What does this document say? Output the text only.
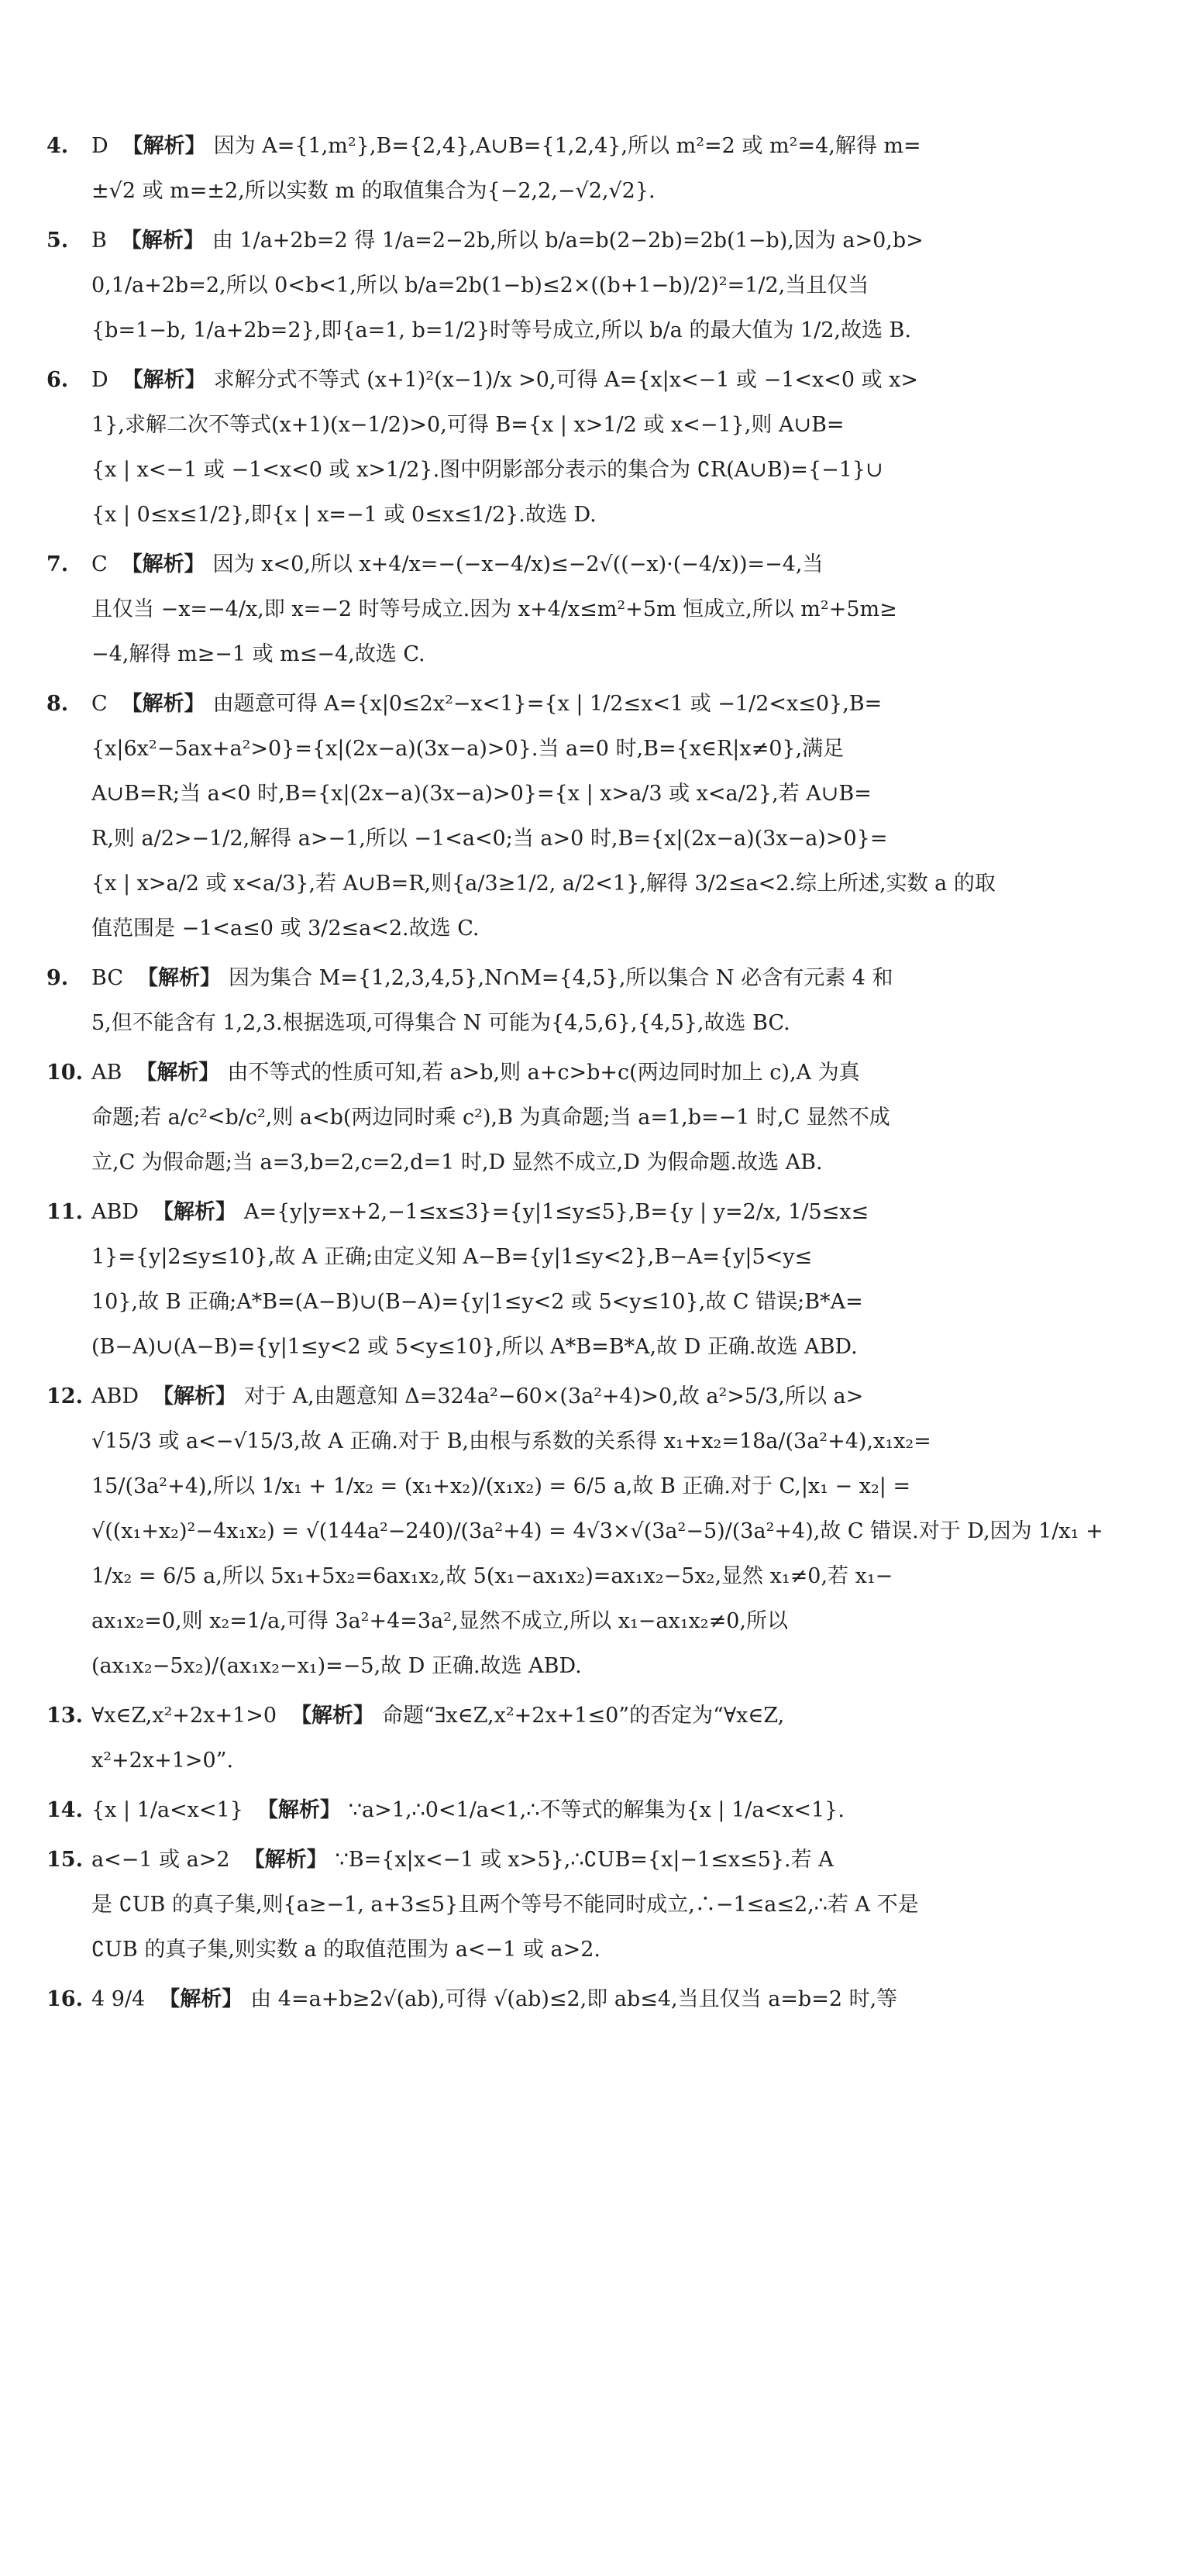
4.	D 【解析】 因为 A={1,m²},B={2,4},A∪B={1,2,4},所以 m²=2 或 m²=4,解得 m=
±√2 或 m=±2,所以实数 m 的取值集合为{−2,2,−√2,√2}.
5.	B 【解析】 由 1/a+2b=2 得 1/a=2−2b,所以 b/a=b(2−2b)=2b(1−b),因为 a>0,b>
0,1/a+2b=2,所以 0<b<1,所以 b/a=2b(1−b)≤2×((b+1−b)/2)²=1/2,当且仅当
{b=1−b, 1/a+2b=2},即{a=1, b=1/2}时等号成立,所以 b/a 的最大值为 1/2,故选 B.
6.	D 【解析】 求解分式不等式 (x+1)²(x−1)/x >0,可得 A={x|x<−1 或 −1<x<0 或 x>
1},求解二次不等式(x+1)(x−1/2)>0,可得 B={x | x>1/2 或 x<−1},则 A∪B=
{x | x<−1 或 −1<x<0 或 x>1/2}.图中阴影部分表示的集合为 ∁R(A∪B)={−1}∪
{x | 0≤x≤1/2},即{x | x=−1 或 0≤x≤1/2}.故选 D.
7.	C 【解析】 因为 x<0,所以 x+4/x=−(−x−4/x)≤−2√((−x)·(−4/x))=−4,当
且仅当 −x=−4/x,即 x=−2 时等号成立.因为 x+4/x≤m²+5m 恒成立,所以 m²+5m≥
−4,解得 m≥−1 或 m≤−4,故选 C.
8.	C 【解析】 由题意可得 A={x|0≤2x²−x<1}={x | 1/2≤x<1 或 −1/2<x≤0},B=
{x|6x²−5ax+a²>0}={x|(2x−a)(3x−a)>0}.当 a=0 时,B={x∈R|x≠0},满足
A∪B=R;当 a<0 时,B={x|(2x−a)(3x−a)>0}={x | x>a/3 或 x<a/2},若 A∪B=
R,则 a/2>−1/2,解得 a>−1,所以 −1<a<0;当 a>0 时,B={x|(2x−a)(3x−a)>0}=
{x | x>a/2 或 x<a/3},若 A∪B=R,则{a/3≥1/2, a/2<1},解得 3/2≤a<2.综上所述,实数 a 的取
值范围是 −1<a≤0 或 3/2≤a<2.故选 C.
9.	BC 【解析】 因为集合 M={1,2,3,4,5},N∩M={4,5},所以集合 N 必含有元素 4 和
5,但不能含有 1,2,3.根据选项,可得集合 N 可能为{4,5,6},{4,5},故选 BC.
10. AB 【解析】 由不等式的性质可知,若 a>b,则 a+c>b+c(两边同时加上 c),A 为真
命题;若 a/c²<b/c²,则 a<b(两边同时乘 c²),B 为真命题;当 a=1,b=−1 时,C 显然不成
立,C 为假命题;当 a=3,b=2,c=2,d=1 时,D 显然不成立,D 为假命题.故选 AB.
11. ABD 【解析】 A={y|y=x+2,−1≤x≤3}={y|1≤y≤5},B={y | y=2/x, 1/5≤x≤
1}={y|2≤y≤10},故 A 正确;由定义知 A−B={y|1≤y<2},B−A={y|5<y≤
10},故 B 正确;A*B=(A−B)∪(B−A)={y|1≤y<2 或 5<y≤10},故 C 错误;B*A=
(B−A)∪(A−B)={y|1≤y<2 或 5<y≤10},所以 A*B=B*A,故 D 正确.故选 ABD.
12. ABD 【解析】 对于 A,由题意知 Δ=324a²−60×(3a²+4)>0,故 a²>5/3,所以 a>
√15/3 或 a<−√15/3,故 A 正确.对于 B,由根与系数的关系得 x₁+x₂=18a/(3a²+4),x₁x₂=
15/(3a²+4),所以 1/x₁ + 1/x₂ = (x₁+x₂)/(x₁x₂) = 6/5 a,故 B 正确.对于 C,|x₁ − x₂| =
√((x₁+x₂)²−4x₁x₂) = √(144a²−240)/(3a²+4) = 4√3×√(3a²−5)/(3a²+4),故 C 错误.对于 D,因为 1/x₁ +
1/x₂ = 6/5 a,所以 5x₁+5x₂=6ax₁x₂,故 5(x₁−ax₁x₂)=ax₁x₂−5x₂,显然 x₁≠0,若 x₁−
ax₁x₂=0,则 x₂=1/a,可得 3a²+4=3a²,显然不成立,所以 x₁−ax₁x₂≠0,所以
(ax₁x₂−5x₂)/(ax₁x₂−x₁)=−5,故 D 正确.故选 ABD.
13. ∀x∈Z,x²+2x+1>0 【解析】 命题“∃x∈Z,x²+2x+1≤0”的否定为“∀x∈Z,
x²+2x+1>0”.
14. {x | 1/a<x<1} 【解析】 ∵a>1,∴0<1/a<1,∴不等式的解集为{x | 1/a<x<1}.
15. a<−1 或 a>2 【解析】 ∵B={x|x<−1 或 x>5},∴∁UB={x|−1≤x≤5}.若 A
是 ∁UB 的真子集,则{a≥−1, a+3≤5}且两个等号不能同时成立,∴−1≤a≤2,∴若 A 不是
∁UB 的真子集,则实数 a 的取值范围为 a<−1 或 a>2.
16. 4 9/4 【解析】 由 4=a+b≥2√(ab),可得 √(ab)≤2,即 ab≤4,当且仅当 a=b=2 时,等
